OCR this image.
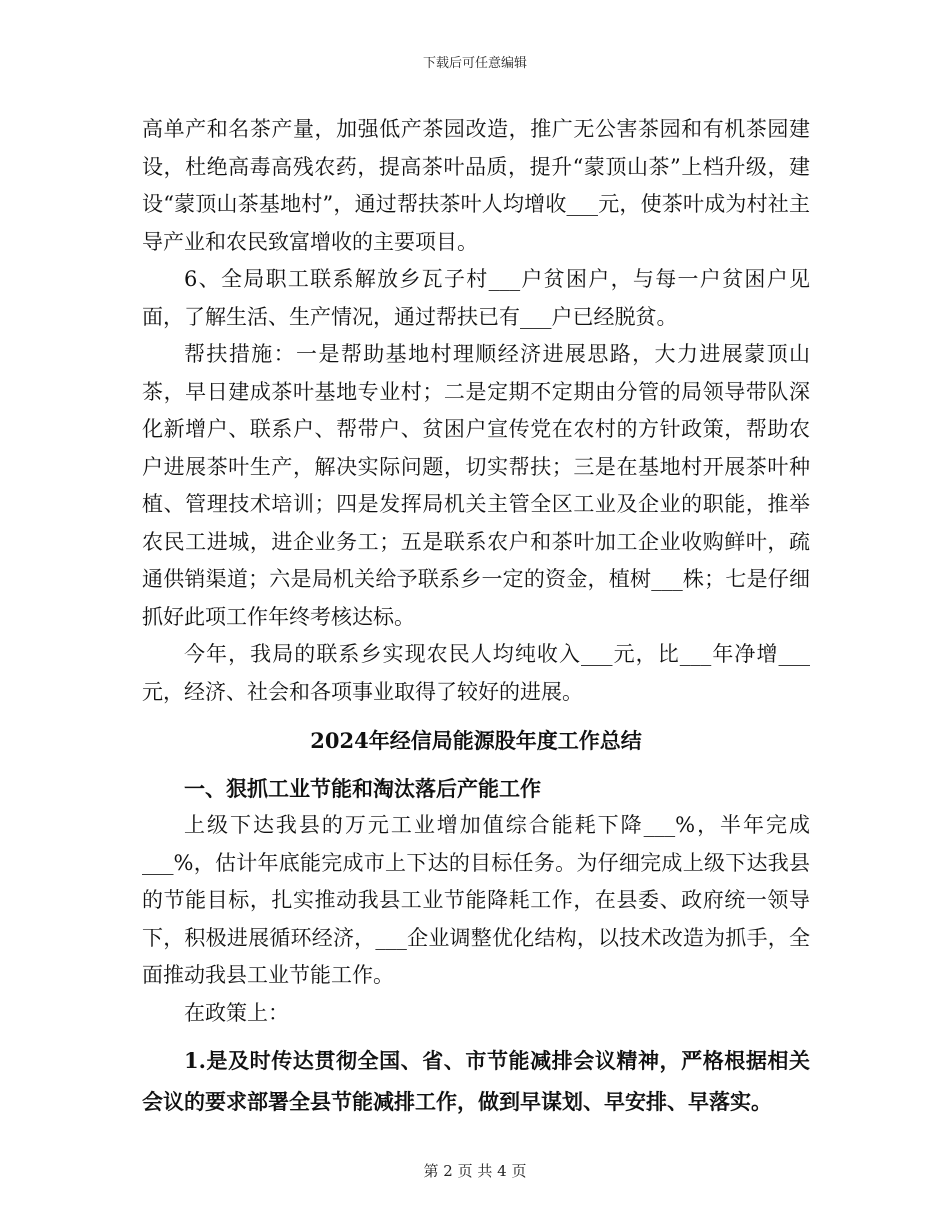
下载后可任意编辑

高单产和名茶产量，加强低产茶园改造，推广无公害茶园和有机茶园建设，杜绝高毒高残农药，提高茶叶品质，提升“蒙顶山茶”上档升级，建设“蒙顶山茶基地村”，通过帮扶茶叶人均增收___元，使茶叶成为村社主导产业和农民致富增收的主要项目。

6、全局职工联系解放乡瓦子村___户贫困户，与每一户贫困户见面，了解生活、生产情况，通过帮扶已有___户已经脱贫。

帮扶措施：一是帮助基地村理顺经济进展思路，大力进展蒙顶山茶，早日建成茶叶基地专业村；二是定期不定期由分管的局领导带队深化新增户、联系户、帮带户、贫困户宣传党在农村的方针政策，帮助农户进展茶叶生产，解决实际问题，切实帮扶；三是在基地村开展茶叶种植、管理技术培训；四是发挥局机关主管全区工业及企业的职能，推举农民工进城，进企业务工；五是联系农户和茶叶加工企业收购鲜叶，疏通供销渠道；六是局机关给予联系乡一定的资金，植树___株；七是仔细抓好此项工作年终考核达标。

今年，我局的联系乡实现农民人均纯收入___元，比___年净增___元，经济、社会和各项事业取得了较好的进展。

2024年经信局能源股年度工作总结

一、狠抓工业节能和淘汰落后产能工作

上级下达我县的万元工业增加值综合能耗下降___%，半年完成___%，估计年底能完成市上下达的目标任务。为仔细完成上级下达我县的节能目标，扎实推动我县工业节能降耗工作，在县委、政府统一领导下，积极进展循环经济，___企业调整优化结构，以技术改造为抓手，全面推动我县工业节能工作。

在政策上：

1.是及时传达贯彻全国、省、市节能减排会议精神，严格根据相关会议的要求部署全县节能减排工作，做到早谋划、早安排、早落实。

第 2 页 共 4 页
